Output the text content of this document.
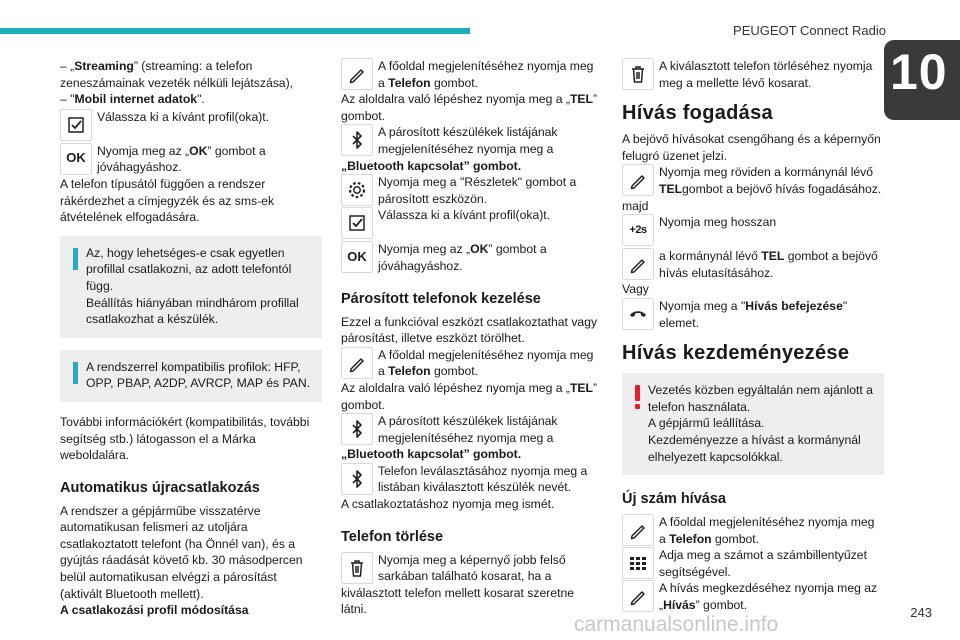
PEUGEOT Connect Radio
10

– „Streaming” (streaming: a telefon zeneszámainak vezeték nélküli lejátszása),

– "Mobil internet adatok".

Válassza ki a kívánt profil(oka)t.

OK Nyomja meg az „OK” gombot a jóváhagyáshoz.

A telefon típusától függően a rendszer rákérdezhet a címjegyzék és az sms-ek átvételének elfogadására.

Az, hogy lehetséges-e csak egyetlen profillal csatlakozni, az adott telefontól függ.

Beállítás hiányában mindhárom profillal csatlakozhat a készülék.

A rendszerrel kompatibilis profilok: HFP, OPP, PBAP, A2DP, AVRCP, MAP és PAN.

További információkért (kompatibilitás, további segítség stb.) látogasson el a Márka weboldalára.

Automatikus újracsatlakozás

A rendszer a gépjárműbe visszatérve automatikusan felismeri az utoljára csatlakoztatott telefont (ha Önnél van), és a gyújtás ráadását követő kb. 30 másodpercen belül automatikusan elvégzi a párosítást (aktivált Bluetooth mellett).

A csatlakozási profil módosítása

A főoldal megjelenítéséhez nyomja meg a Telefon gombot.

Az aloldalra való lépéshez nyomja meg a „TEL” gombot.

A párosított készülékek listájának megjelenítéséhez nyomja meg a

„Bluetooth kapcsolat” gombot.

Nyomja meg a "Részletek" gombot a párosított eszközön.

Válassza ki a kívánt profil(oka)t.

OK Nyomja meg az „OK” gombot a jóváhagyáshoz.

Párosított telefonok kezelése

Ezzel a funkcióval eszközt csatlakoztathat vagy párosítást, illetve eszközt törölhet.

A főoldal megjelenítéséhez nyomja meg a Telefon gombot.

Az aloldalra való lépéshez nyomja meg a „TEL” gombot.

A párosított készülékek listájának megjelenítéséhez nyomja meg a

„Bluetooth kapcsolat” gombot.

Telefon leválasztásához nyomja meg a listában kiválasztott készülék nevét.

A csatlakoztatáshoz nyomja meg ismét.

Telefon törlése

Nyomja meg a képernyő jobb felső sarkában található kosarat, ha a

kiválasztott telefon mellett kosarat szeretne látni.

A kiválasztott telefon törléséhez nyomja meg a mellette lévő kosarat.

Hívás fogadása

A bejövő hívásokat csengőhang és a képernyőn felugró üzenet jelzi.

Nyomja meg röviden a kormánynál lévő TELgombot a bejövő hívás fogadásához.

majd

+2s

Nyomja meg hosszan

a kormánynál lévő TEL gombot a bejövő hívás elutasításához.

Vagy

Nyomja meg a "Hívás befejezése" elemet.

Hívás kezdeményezése

Vezetés közben egyáltalán nem ajánlott a telefon használata.

A gépjármű leállítása.

Kezdeményezze a hívást a kormánynál elhelyezett kapcsolókkal.

Új szám hívása

A főoldal megjelenítéséhez nyomja meg a Telefon gombot.

Adja meg a számot a számbillentyűzet segítségével.

A hívás megkezdéséhez nyomja meg az „Hívás” gombot.

carmanualsonline.info
243
